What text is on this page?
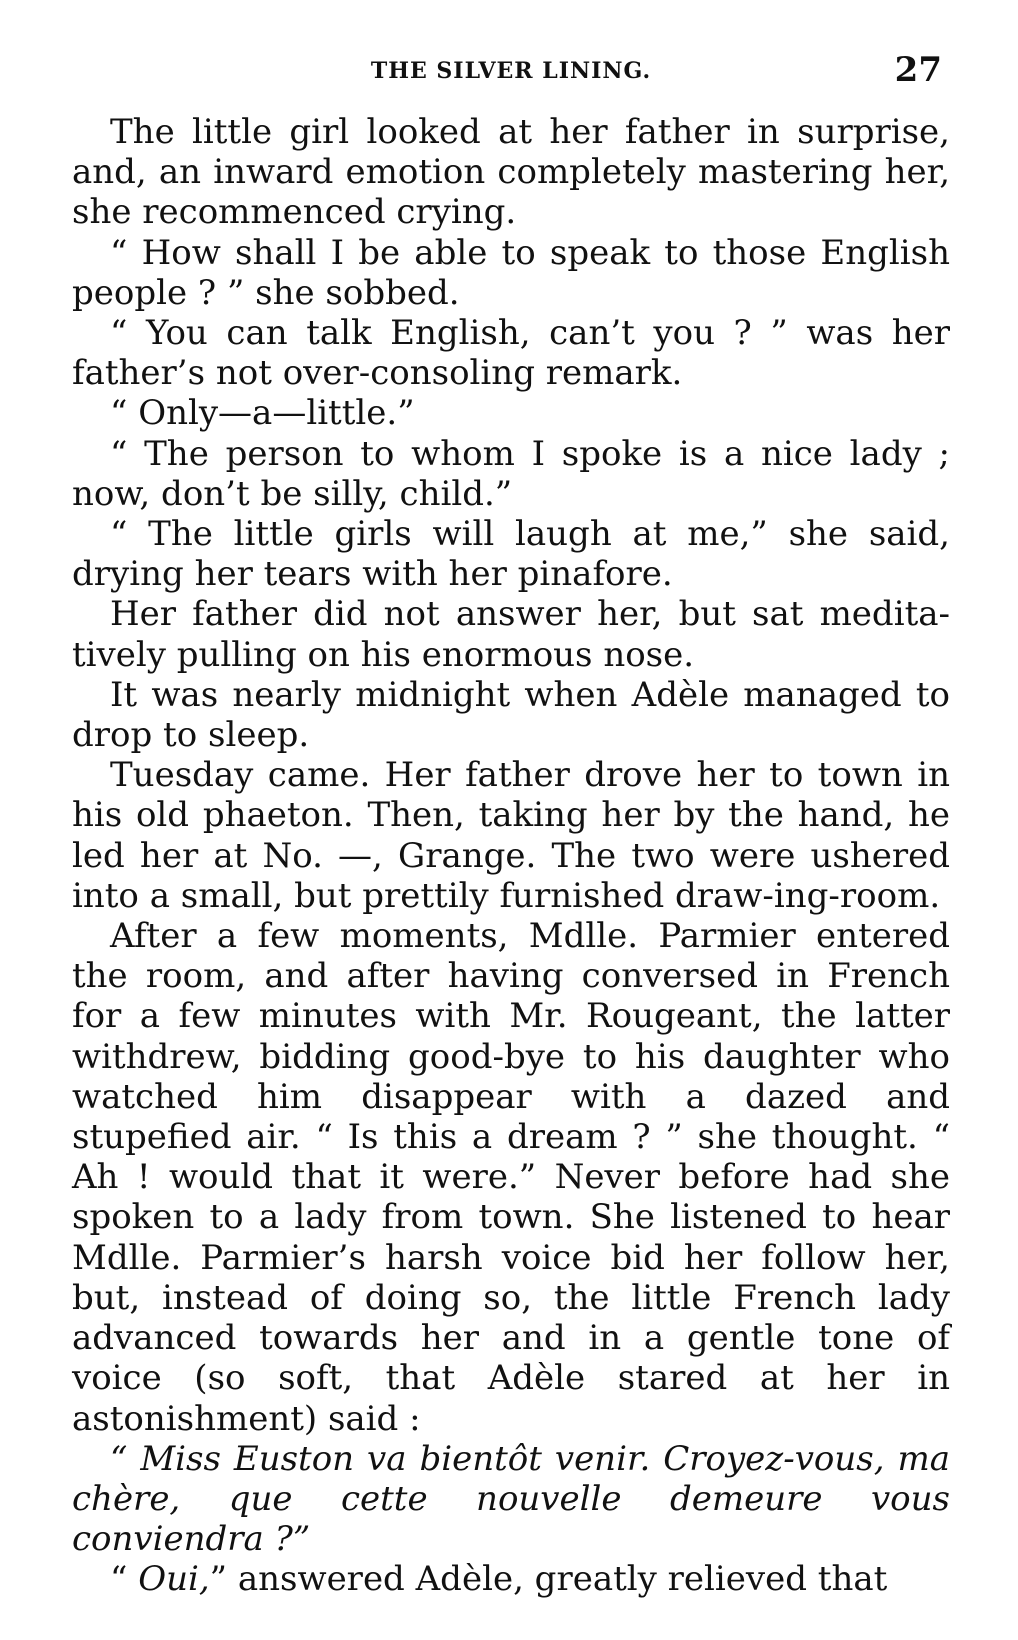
THE SILVER LINING.	27

The little girl looked at her father in surprise, and, an inward emotion completely mastering her, she recommenced crying.

“ How shall I be able to speak to those English people ? ” she sobbed.

“ You can talk English, can’t you ? ” was her father’s not over-consoling remark.

“ Only—a—little.”

“ The person to whom I spoke is a nice lady ; now, don’t be silly, child.”

“ The little girls will laugh at me,” she said, drying her tears with her pinafore.

Her father did not answer her, but sat medita-tively pulling on his enormous nose.

It was nearly midnight when Adèle managed to drop to sleep.

Tuesday came. Her father drove her to town in his old phaeton. Then, taking her by the hand, he led her at No. —, Grange. The two were ushered into a small, but prettily furnished draw-ing-room.

After a few moments, Mdlle. Parmier entered the room, and after having conversed in French for a few minutes with Mr. Rougeant, the latter withdrew, bidding good-bye to his daughter who watched him disappear with a dazed and stupefied air. “ Is this a dream ? ” she thought. “ Ah ! would that it were.” Never before had she spoken to a lady from town. She listened to hear Mdlle. Parmier’s harsh voice bid her follow her, but, instead of doing so, the little French lady advanced towards her and in a gentle tone of voice (so soft, that Adèle stared at her in astonishment) said :

“ Miss Euston va bientôt venir. Croyez-vous, ma chère, que cette nouvelle demeure vous conviendra ?”

“ Oui,” answered Adèle, greatly relieved that
